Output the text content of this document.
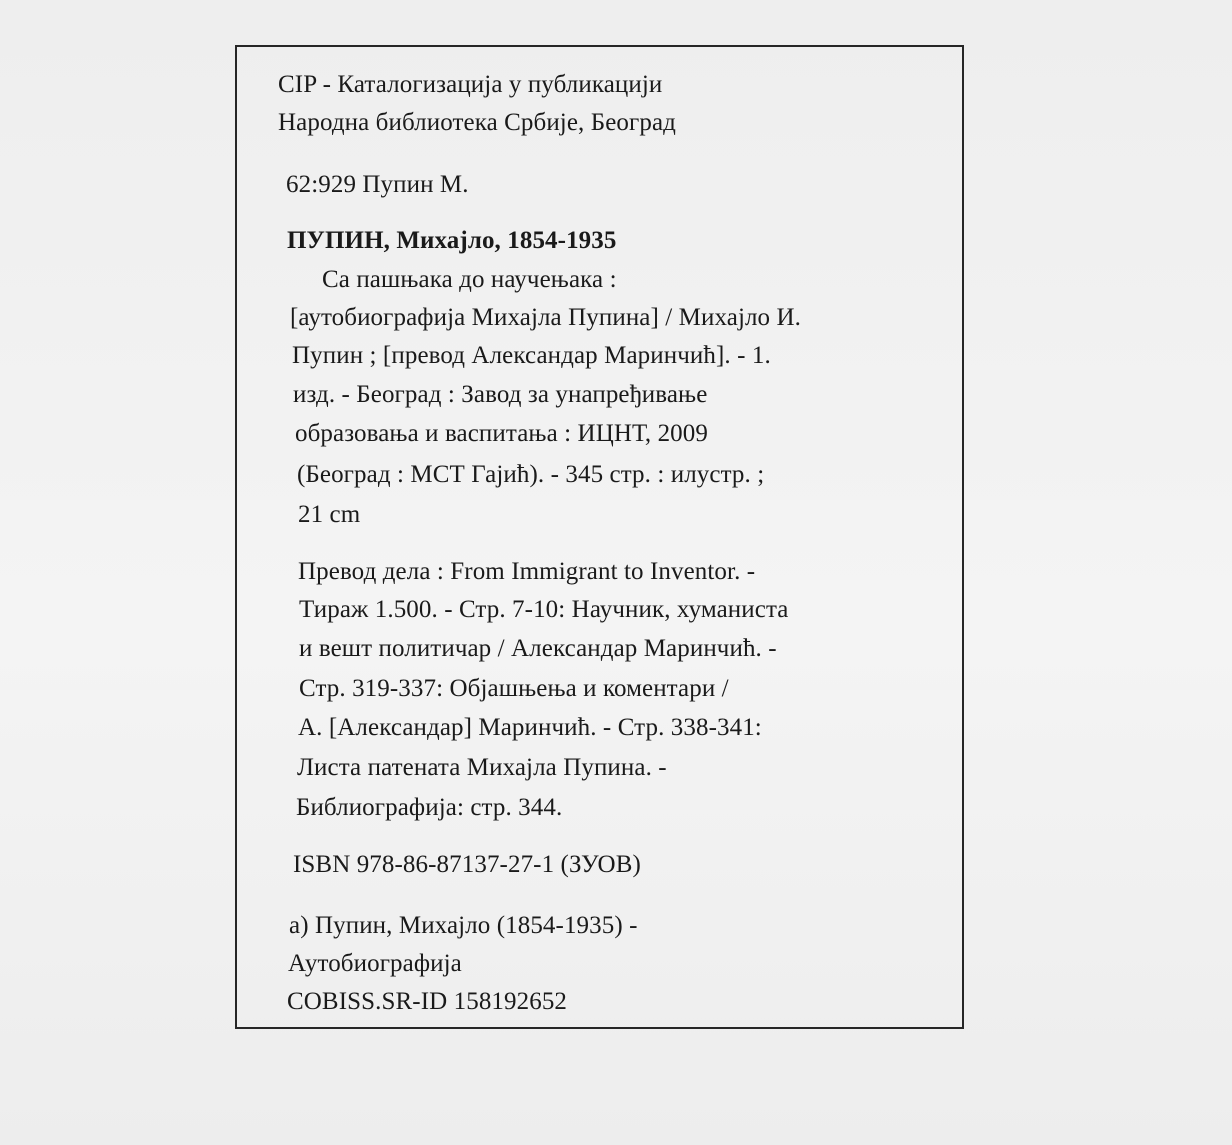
CIP - Каталогизација у публикацији
Народна библиотека Србије, Београд
62:929 Пупин М.
ПУПИН, Михајло, 1854-1935
Са пашњака до научењака :
[аутобиографија Михајла Пупина] / Михајло И.
Пупин ; [превод Александар Маринчић]. - 1.
изд. - Београд : Завод за унапређивање
образовања и васпитања : ИЦНТ, 2009
(Београд : МСТ Гајић). - 345 стр. : илустр. ;
21 cm
Превод дела : From Immigrant to Inventor. -
Тираж 1.500. - Стр. 7-10: Научник, хуманиста
и вешт политичар / Александар Маринчић. -
Стр. 319-337: Објашњења и коментари /
А. [Александар] Маринчић. - Стр. 338-341:
Листа патената Михајла Пупина. -
Библиографија: стр. 344.
ISBN 978-86-87137-27-1 (ЗУОВ)
а) Пупин, Михајло (1854-1935) -
Аутобиографија
COBISS.SR-ID 158192652
